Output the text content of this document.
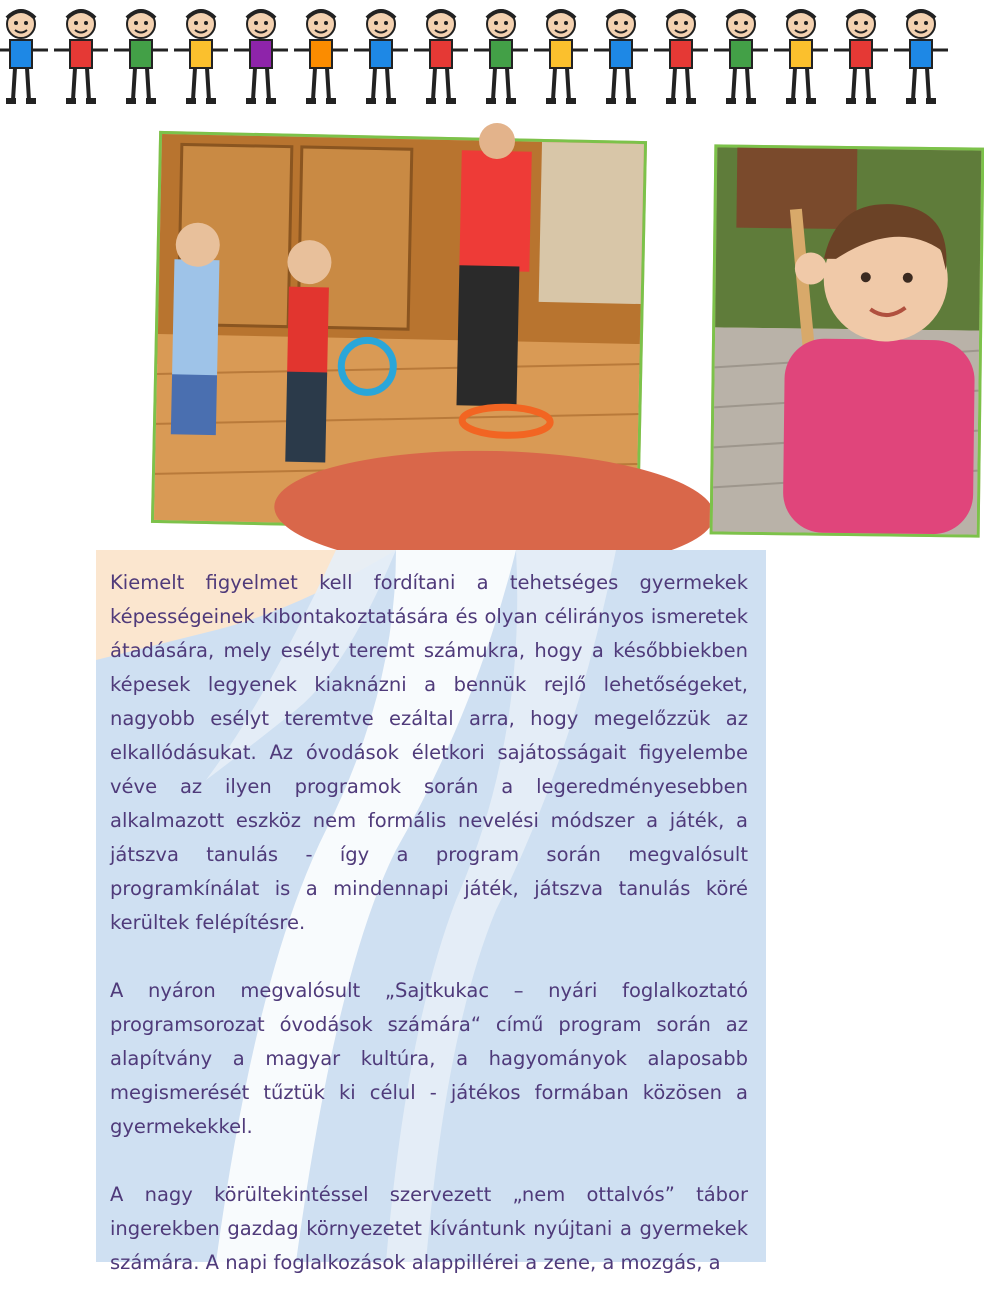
Kiemelt figyelmet kell fordítani a tehetséges gyermekek képességeinek kibontakoztatására és olyan célirányos ismeretek átadására, mely esélyt teremt számukra, hogy a későbbiekben képesek legyenek kiaknázni a bennük rejlő lehetőségeket, nagyobb esélyt teremtve ezáltal arra, hogy megelőzzük az elkallódásukat. Az óvodások életkori sajátosságait figyelembe véve az ilyen programok során a legeredményesebben alkalmazott eszköz nem formális nevelési módszer a játék, a játszva tanulás - így a program során megvalósult programkínálat is a mindennapi játék, játszva tanulás köré kerültek felépítésre.

A nyáron megvalósult „Sajtkukac – nyári foglalkoztató programsorozat óvodások számára“ című program során az alapítvány a magyar kultúra, a hagyományok alaposabb megismerését tűztük ki célul - játékos formában közösen a gyermekekkel.

A nagy körültekintéssel szervezett „nem ottalvós” tábor ingerekben gazdag környezetet kívántunk nyújtani a gyermekek számára. A napi foglalkozások alappillérei a zene, a mozgás, a
